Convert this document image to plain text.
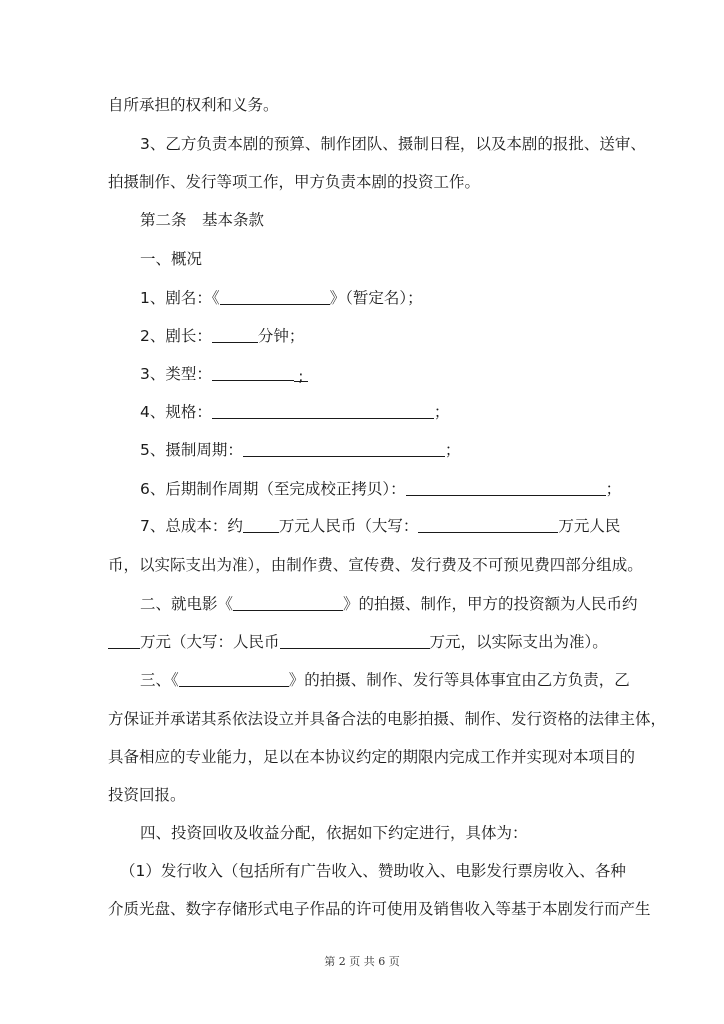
自所承担的权利和义务。
3、乙方负责本剧的预算、制作团队、摄制日程，以及本剧的报批、送审、
拍摄制作、发行等项工作，甲方负责本剧的投资工作。
第二条　基本条款
一、概况
1、剧名：《	》（暂定名）；
2、剧长：	分钟；
3、类型：	;
4、规格：	；
5、摄制周期：	；
6、后期制作周期（至完成校正拷贝）：	；
7、总成本：约 万元人民币（大写：	万元人民
币，以实际支出为准），由制作费、宣传费、发行费及不可预见费四部分组成。
二、就电影《	》的拍摄、制作，甲方的投资额为人民币约
万元（大写：人民币	万元，以实际支出为准）。
三、《	》的拍摄、制作、发行等具体事宜由乙方负责，乙
方保证并承诺其系依法设立并具备合法的电影拍摄、制作、发行资格的法律主体，
具备相应的专业能力，足以在本协议约定的期限内完成工作并实现对本项目的
投资回报。
四、投资回收及收益分配，依据如下约定进行，具体为：
（1）发行收入（包括所有广告收入、赞助收入、电影发行票房收入、各种
介质光盘、数字存储形式电子作品的许可使用及销售收入等基于本剧发行而产生
第 2 页 共 6 页
